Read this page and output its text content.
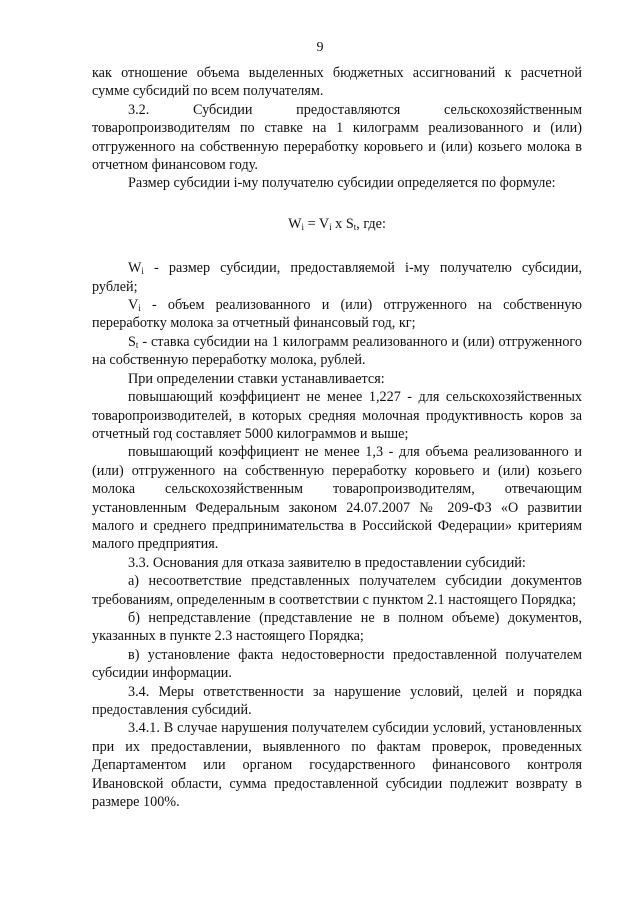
9

как отношение объема выделенных бюджетных ассигнований к расчетной сумме субсидий по всем получателям.

3.2. Субсидии предоставляются сельскохозяйственным товаропроизводителям по ставке на 1 килограмм реализованного и (или) отгруженного на собственную переработку коровьего и (или) козьего молока в отчетном финансовом году.

Размер субсидии i-му получателю субсидии определяется по формуле:

$W_i = V_i$ х $S_t$, где:

$W_i$ - размер субсидии, предоставляемой i-му получателю субсидии, рублей;

$V_i$ - объем реализованного и (или) отгруженного на собственную переработку молока за отчетный финансовый год, кг;

$S_t$ - ставка субсидии на 1 килограмм реализованного и (или) отгруженного на собственную переработку молока, рублей.

При определении ставки устанавливается:

повышающий коэффициент не менее 1,227 - для сельскохозяйственных товаропроизводителей, в которых средняя молочная продуктивность коров за отчетный год составляет 5000 килограммов и выше;

повышающий коэффициент не менее 1,3 - для объема реализованного и (или) отгруженного на собственную переработку коровьего и (или) козьего молока сельскохозяйственным товаропроизводителям, отвечающим установленным Федеральным законом 24.07.2007 № 209-ФЗ «О развитии малого и среднего предпринимательства в Российской Федерации» критериям малого предприятия.

3.3. Основания для отказа заявителю в предоставлении субсидий:

а) несоответствие представленных получателем субсидии документов требованиям, определенным в соответствии с пунктом 2.1 настоящего Порядка;

б) непредставление (представление не в полном объеме) документов, указанных в пункте 2.3 настоящего Порядка;

в) установление факта недостоверности предоставленной получателем субсидии информации.

3.4. Меры ответственности за нарушение условий, целей и порядка предоставления субсидий.

3.4.1. В случае нарушения получателем субсидии условий, установленных при их предоставлении, выявленного по фактам проверок, проведенных Департаментом или органом государственного финансового контроля Ивановской области, сумма предоставленной субсидии подлежит возврату в размере 100%.
